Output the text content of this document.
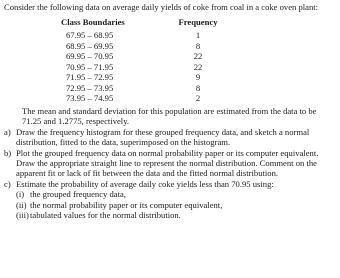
Consider the following data on average daily yields of coke from coal in a coke oven plant:

Class Boundaries	Frequency
67.95 – 68.95	1
68.95 – 69.95	8
69.95 – 70.95	22
70.95 – 71.95	22
71.95 – 72.95	9
72.95 – 73.95	8
73.95 – 74.95	2

The mean and standard deviation for this population are estimated from the data to be 71.25 and 1.2775, respectively.

a) Draw the frequency histogram for these grouped frequency data, and sketch a normal distribution, fitted to the data, superimposed on the histogram.
b) Plot the grouped frequency data on normal probability paper or its computer equivalent. Draw the appropriate straight line to represent the normal distribution. Comment on the apparent fit or lack of fit between the data and the fitted normal distribution.
c) Estimate the probability of average daily coke yields less than 70.95 using:
(i) the grouped frequency data,
(ii) the normal probability paper or its computer equivalent,
(iii) tabulated values for the normal distribution.
